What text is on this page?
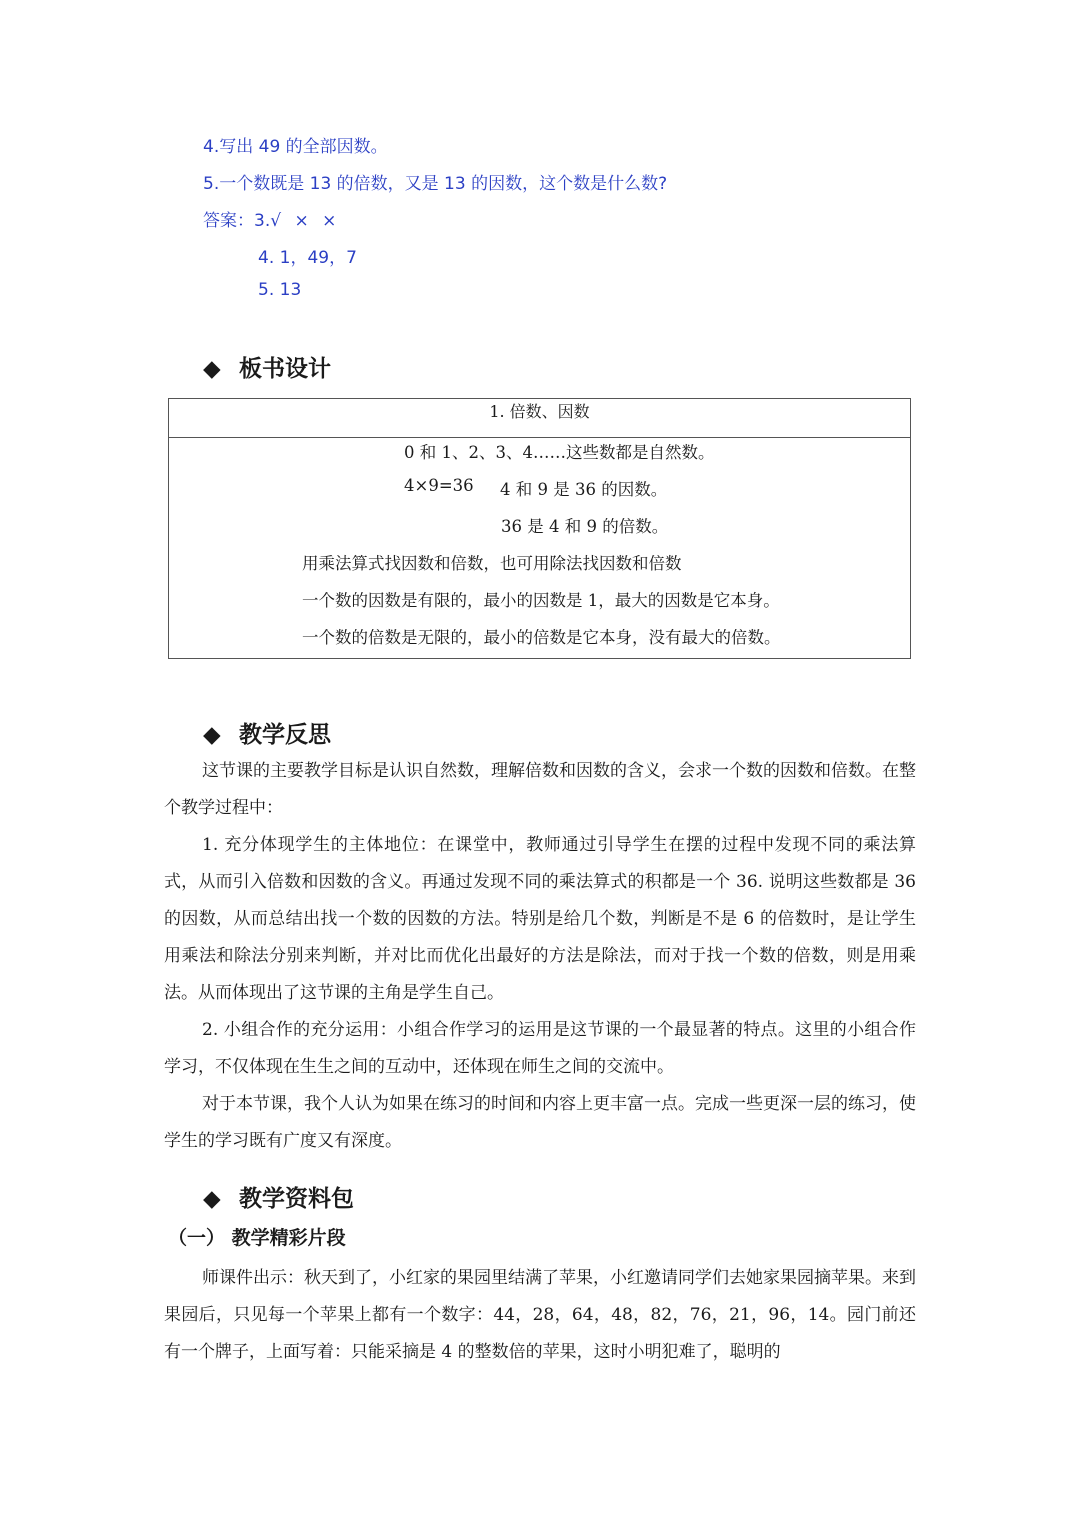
4.写出 49 的全部因数。
5.一个数既是 13 的倍数，又是 13 的因数，这个数是什么数?
答案：3.√ × ×
4. 1，49，7
5. 13
◆ 板书设计
1. 倍数、因数
0 和 1、2、3、4……这些数都是自然数。
4×9=36 4 和 9 是 36 的因数。
36 是 4 和 9 的倍数。
用乘法算式找因数和倍数，也可用除法找因数和倍数
一个数的因数是有限的，最小的因数是 1，最大的因数是它本身。
一个数的倍数是无限的，最小的倍数是它本身，没有最大的倍数。
◆ 教学反思

这节课的主要教学目标是认识自然数，理解倍数和因数的含义，会求一个数的因数和倍数。在整个教学过程中：

1. 充分体现学生的主体地位：在课堂中，教师通过引导学生在摆的过程中发现不同的乘法算式，从而引入倍数和因数的含义。再通过发现不同的乘法算式的积都是一个 36. 说明这些数都是 36 的因数，从而总结出找一个数的因数的方法。特别是给几个数，判断是不是 6 的倍数时，是让学生用乘法和除法分别来判断，并对比而优化出最好的方法是除法，而对于找一个数的倍数，则是用乘法。从而体现出了这节课的主角是学生自己。

2. 小组合作的充分运用：小组合作学习的运用是这节课的一个最显著的特点。这里的小组合作学习，不仅体现在生生之间的互动中，还体现在师生之间的交流中。

对于本节课，我个人认为如果在练习的时间和内容上更丰富一点。完成一些更深一层的练习，使学生的学习既有广度又有深度。

◆ 教学资料包
（一） 教学精彩片段

师课件出示：秋天到了，小红家的果园里结满了苹果，小红邀请同学们去她家果园摘苹果。来到果园后，只见每一个苹果上都有一个数字：44，28，64，48，82，76，21，96，14。园门前还有一个牌子，上面写着：只能采摘是 4 的整数倍的苹果，这时小明犯难了，聪明的
